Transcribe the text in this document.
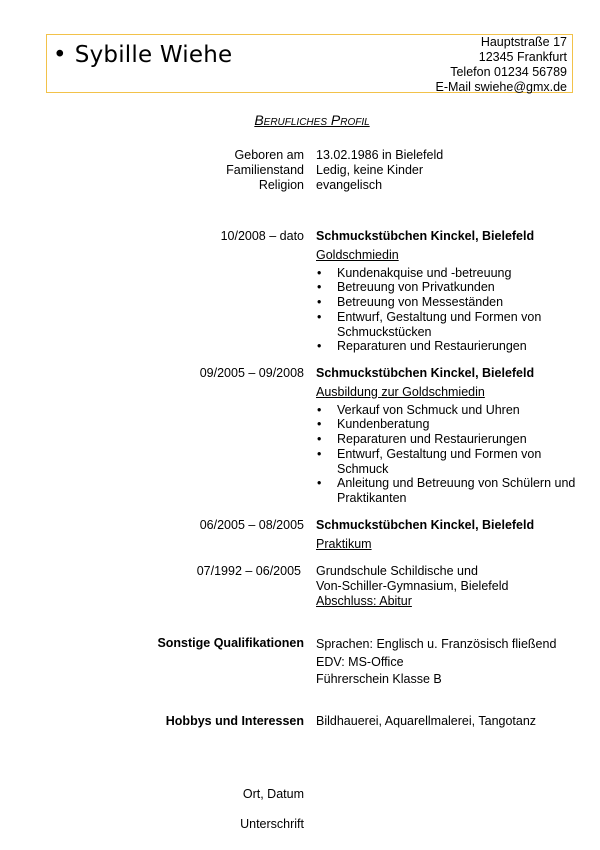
• Sybille Wiehe	Hauptstraße 17
12345 Frankfurt
Telefon 01234 56789
E-Mail swiehe@gmx.de
Berufliches Profil
Geboren am
Familienstand
Religion
13.02.1986 in Bielefeld
Ledig, keine Kinder
evangelisch
10/2008 – dato Schmuckstübchen Kinckel, Bielefeld
Goldschmiedin
• Kundenakquise und -betreuung
• Betreuung von Privatkunden
• Betreuung von Messeständen
• Entwurf, Gestaltung und Formen von Schmuckstücken
• Reparaturen und Restaurierungen
09/2005 – 09/2008 Schmuckstübchen Kinckel, Bielefeld
Ausbildung zur Goldschmiedin
• Verkauf von Schmuck und Uhren
• Kundenberatung
• Reparaturen und Restaurierungen
• Entwurf, Gestaltung und Formen von Schmuck
• Anleitung und Betreuung von Schülern und Praktikanten
06/2005 – 08/2005 Schmuckstübchen Kinckel, Bielefeld
Praktikum
07/1992 – 06/2005 Grundschule Schildische und
Von-Schiller-Gymnasium, Bielefeld
Abschluss: Abitur
Sonstige Qualifikationen Sprachen: Englisch u. Französisch fließend
EDV: MS-Office
Führerschein Klasse B
Hobbys und Interessen Bildhauerei, Aquarellmalerei, Tangotanz
Ort, Datum
Unterschrift
